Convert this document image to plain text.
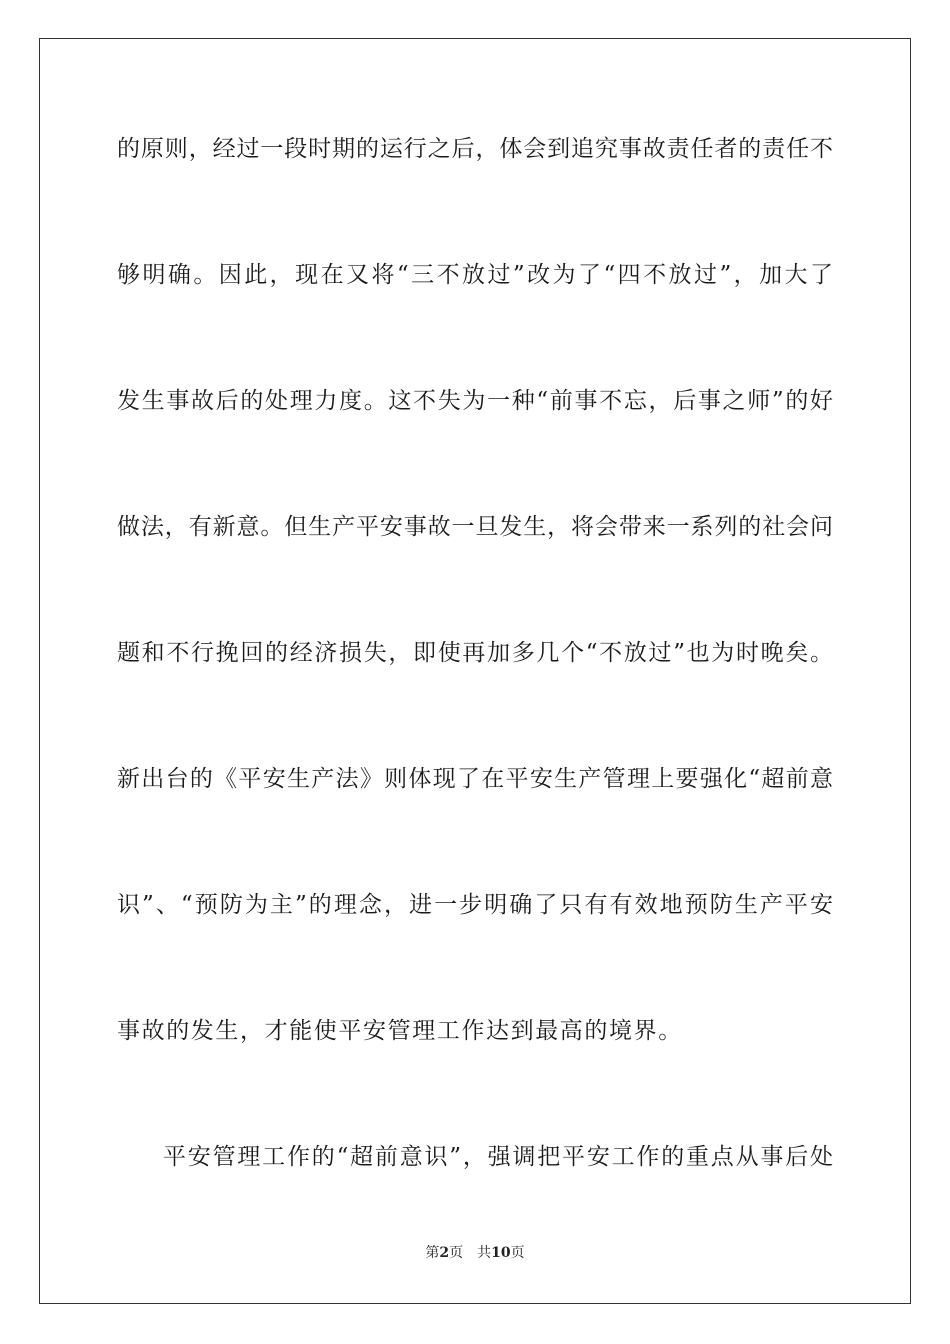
的原则，经过一段时期的运行之后，体会到追究事故责任者的责任不
够明确。因此，现在又将“三不放过”改为了“四不放过”，加大了
发生事故后的处理力度。这不失为一种“前事不忘，后事之师”的好
做法，有新意。但生产平安事故一旦发生，将会带来一系列的社会问
题和不行挽回的经济损失，即使再加多几个“不放过”也为时晚矣。
新出台的《平安生产法》则体现了在平安生产管理上要强化“超前意
识”、“预防为主”的理念，进一步明确了只有有效地预防生产平安
事故的发生，才能使平安管理工作达到最高的境界。
平安管理工作的“超前意识”，强调把平安工作的重点从事后处
第2页 共10页
